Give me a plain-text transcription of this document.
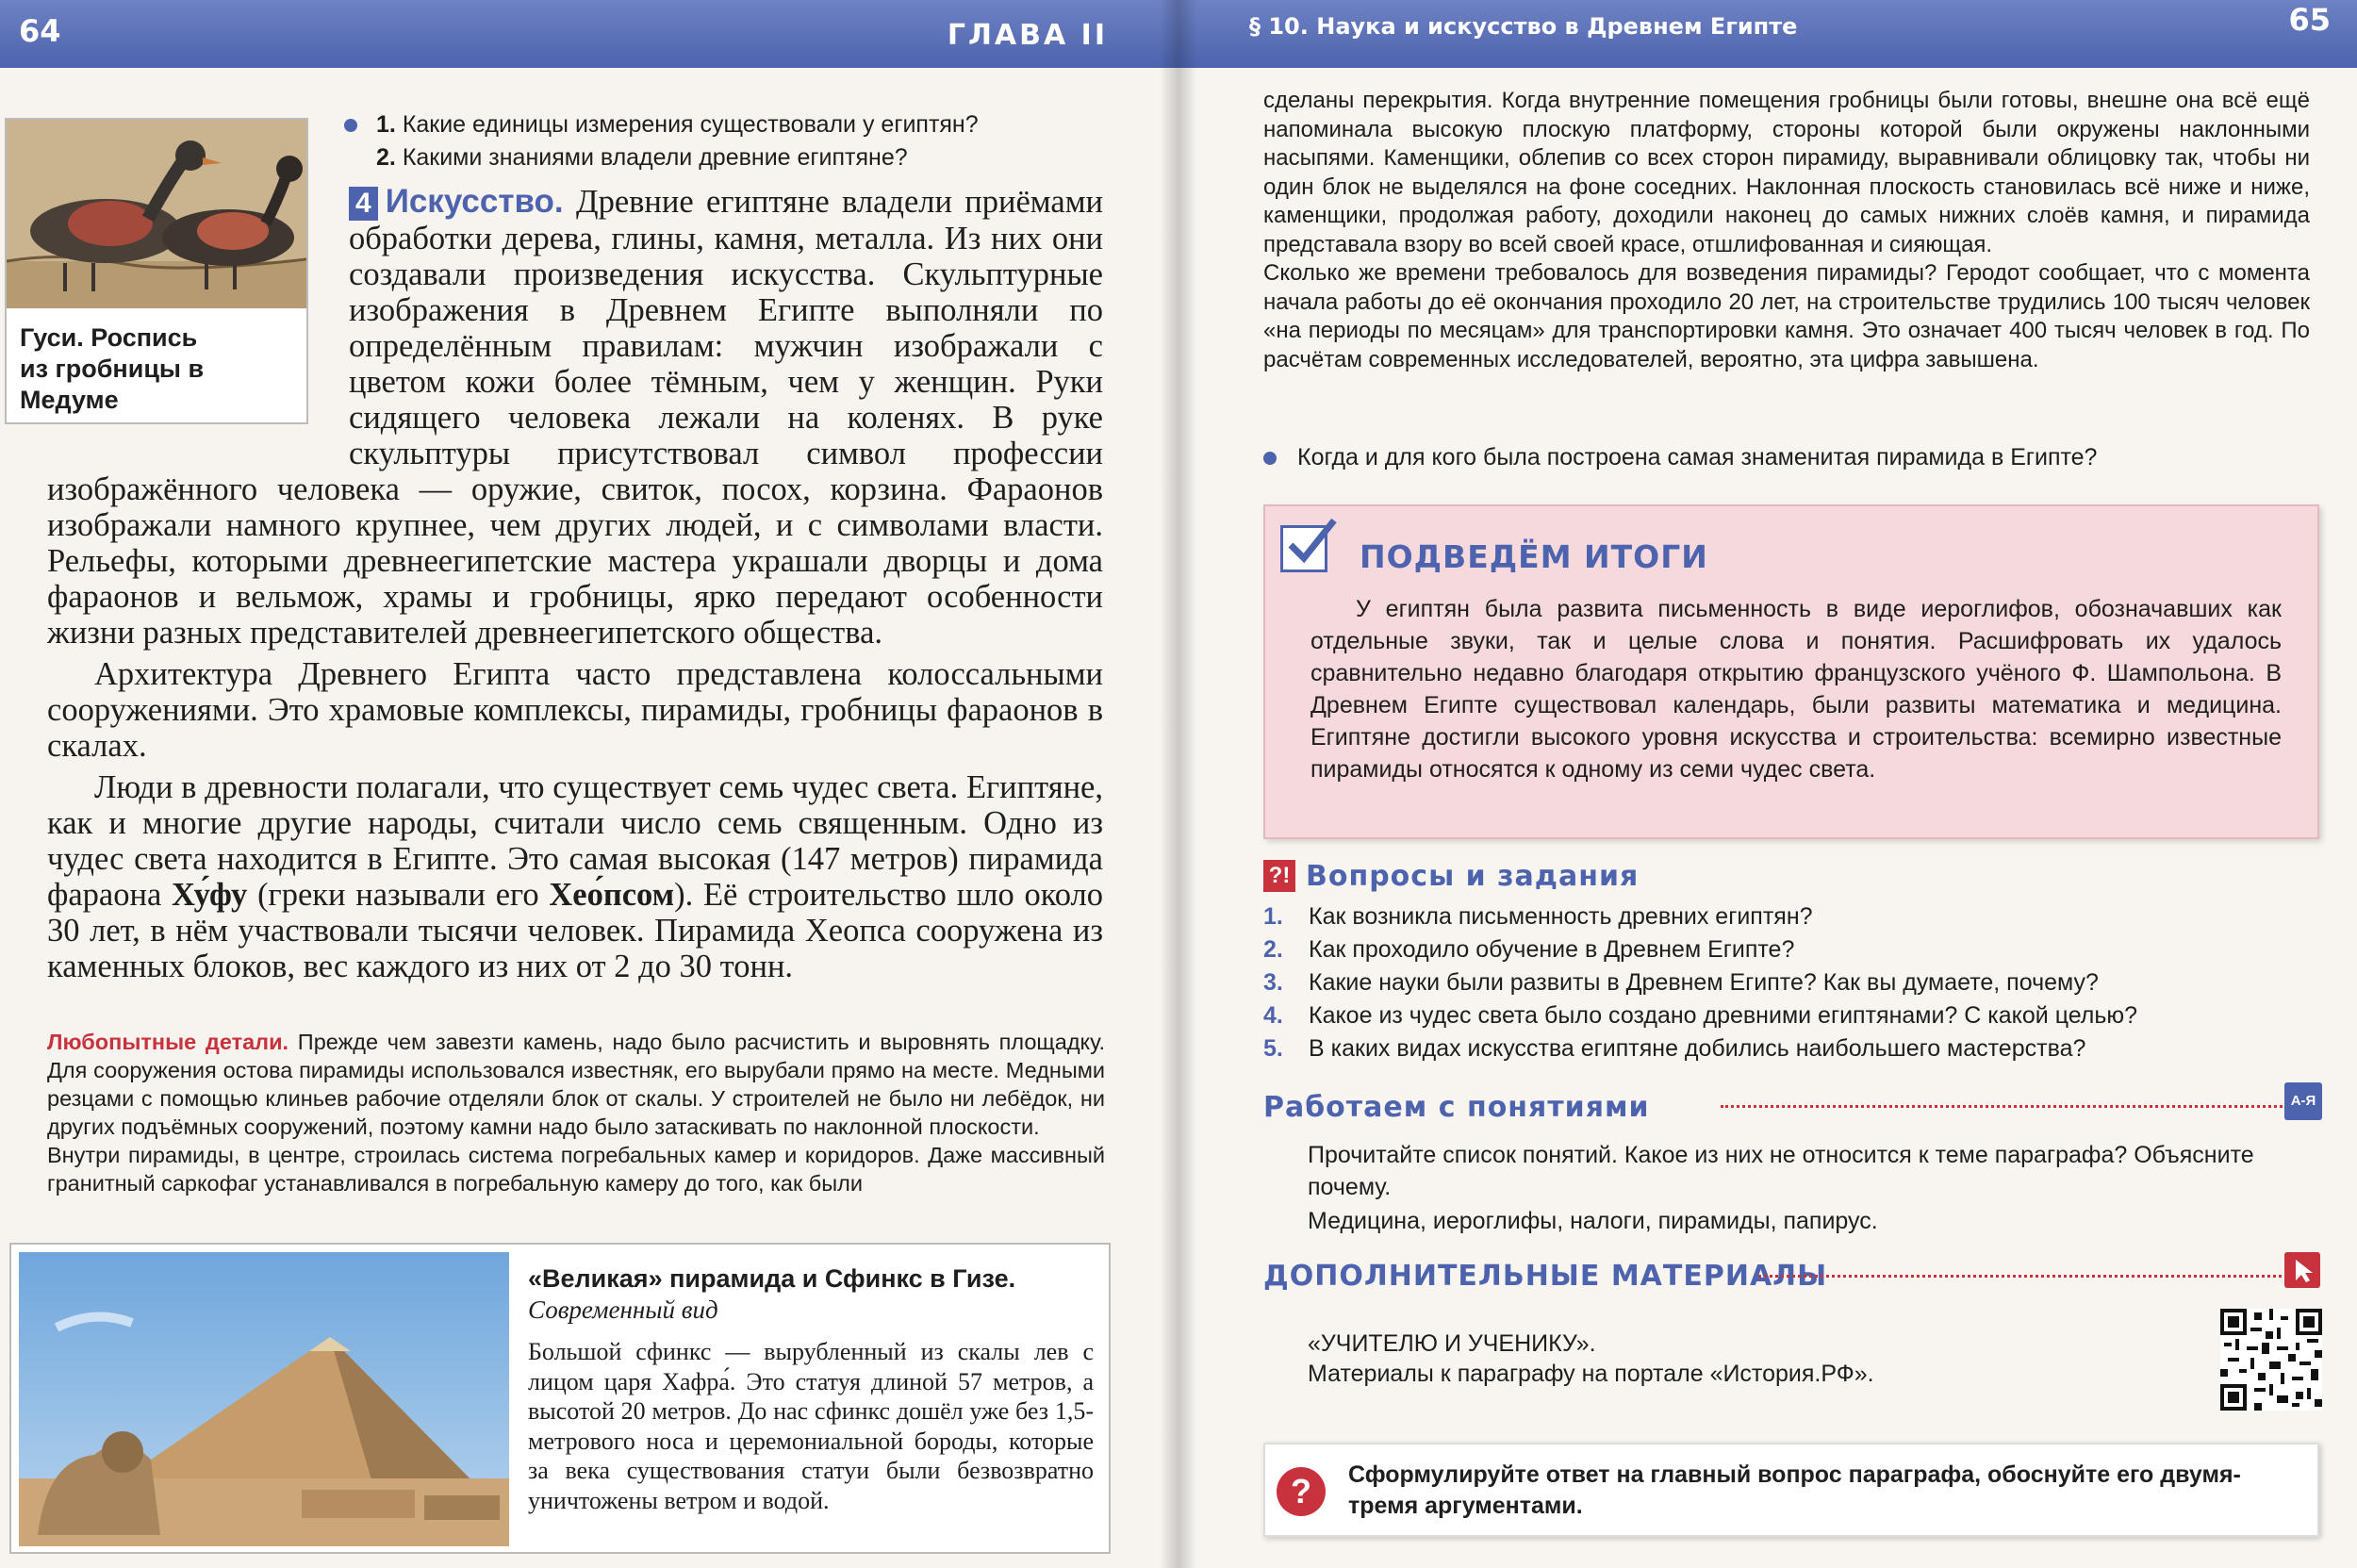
64	ГЛАВА II
Гуси. Роспись из гробницы в Медуме
1. Какие единицы измерения существовали у египтян?
2. Какими знаниями владели древние египтяне?
4 Искусство. Древние египтяне владели приёмами обработки дерева, глины, камня, металла. Из них они создавали произведения искусства. Скульптурные изображения в Древнем Египте выполняли по определённым правилам: мужчин изображали с цветом кожи более тёмным, чем у женщин. Руки сидящего человека лежали на коленях. В руке скульптуры присутствовал символ профессии изображённого человека — оружие, свиток, посох, корзина. Фараонов изображали намного крупнее, чем других людей, и с символами власти. Рельефы, которыми древнеегипетские мастера украшали дворцы и дома фараонов и вельмож, храмы и гробницы, ярко передают особенности жизни разных представителей древнеегипетского общества.

Архитектура Древнего Египта часто представлена колоссальными сооружениями. Это храмовые комплексы, пирамиды, гробницы фараонов в скалах.

Люди в древности полагали, что существует семь чудес света. Египтяне, как и многие другие народы, считали число семь священным. Одно из чудес света находится в Египте. Это самая высокая (147 метров) пирамида фараона Ху́фу (греки называли его Хео́псом). Её строительство шло около 30 лет, в нём участвовали тысячи человек. Пирамида Хеопса сооружена из каменных блоков, вес каждого из них от 2 до 30 тонн.

Любопытные детали. Прежде чем завезти камень, надо было расчистить и выровнять площадку. Для сооружения остова пирамиды использовался известняк, его вырубали прямо на месте. Медными резцами с помощью клиньев рабочие отделяли блок от скалы. У строителей не было ни лебёдок, ни других подъёмных сооружений, поэтому камни надо было затаскивать по наклонной плоскости.

Внутри пирамиды, в центре, строилась система погребальных камер и коридоров. Даже массивный гранитный саркофаг устанавливался в погребальную камеру до того, как были

«Великая» пирамида и Сфинкс в Гизе.
Современный вид
Большой сфинкс — вырубленный из скалы лев с лицом царя Хафра́. Это статуя длиной 57 метров, а высотой 20 метров. До нас сфинкс дошёл уже без 1,5-метрового носа и церемониальной бороды, которые за века существования статуи были безвозвратно уничтожены ветром и водой.
§ 10. Наука и искусство в Древнем Египте	65

сделаны перекрытия. Когда внутренние помещения гробницы были готовы, внешне она всё ещё напоминала высокую плоскую платформу, стороны которой были окружены наклонными насыпями. Каменщики, облепив со всех сторон пирамиду, выравнивали облицовку так, чтобы ни один блок не выделялся на фоне соседних. Наклонная плоскость становилась всё ниже и ниже, каменщики, продолжая работу, доходили наконец до самых нижних слоёв камня, и пирамида представала взору во всей своей красе, отшлифованная и сияющая.

Сколько же времени требовалось для возведения пирамиды? Геродот сообщает, что с момента начала работы до её окончания проходило 20 лет, на строительстве трудились 100 тысяч человек «на периоды по месяцам» для транспортировки камня. Это означает 400 тысяч человек в год. По расчётам современных исследователей, вероятно, эта цифра завышена.

Когда и для кого была построена самая знаменитая пирамида в Египте?
ПОДВЕДЁМ ИТОГИ
У египтян была развита письменность в виде иероглифов, обозначавших как отдельные звуки, так и целые слова и понятия. Расшифровать их удалось сравнительно недавно благодаря открытию французского учёного Ф. Шампольона. В Древнем Египте существовал календарь, были развиты математика и медицина. Египтяне достигли высокого уровня искусства и строительства: всемирно известные пирамиды относятся к одному из семи чудес света.
?! Вопросы и задания
1. Как возникла письменность древних египтян?
2. Как проходило обучение в Древнем Египте?
3. Какие науки были развиты в Древнем Египте? Как вы думаете, почему?
4. Какое из чудес света было создано древними египтянами? С какой целью?
5. В каких видах искусства египтяне добились наибольшего мастерства?
Работаем с понятиями	А-Я
Прочитайте список понятий. Какое из них не относится к теме параграфа? Объясните почему.
Медицина, иероглифы, налоги, пирамиды, папирус.
ДОПОЛНИТЕЛЬНЫЕ МАТЕРИАЛЫ
«УЧИТЕЛЮ И УЧЕНИКУ».
Материалы к параграфу на портале «История.РФ».
?	Сформулируйте ответ на главный вопрос параграфа, обоснуйте его двумя-тремя аргументами.
